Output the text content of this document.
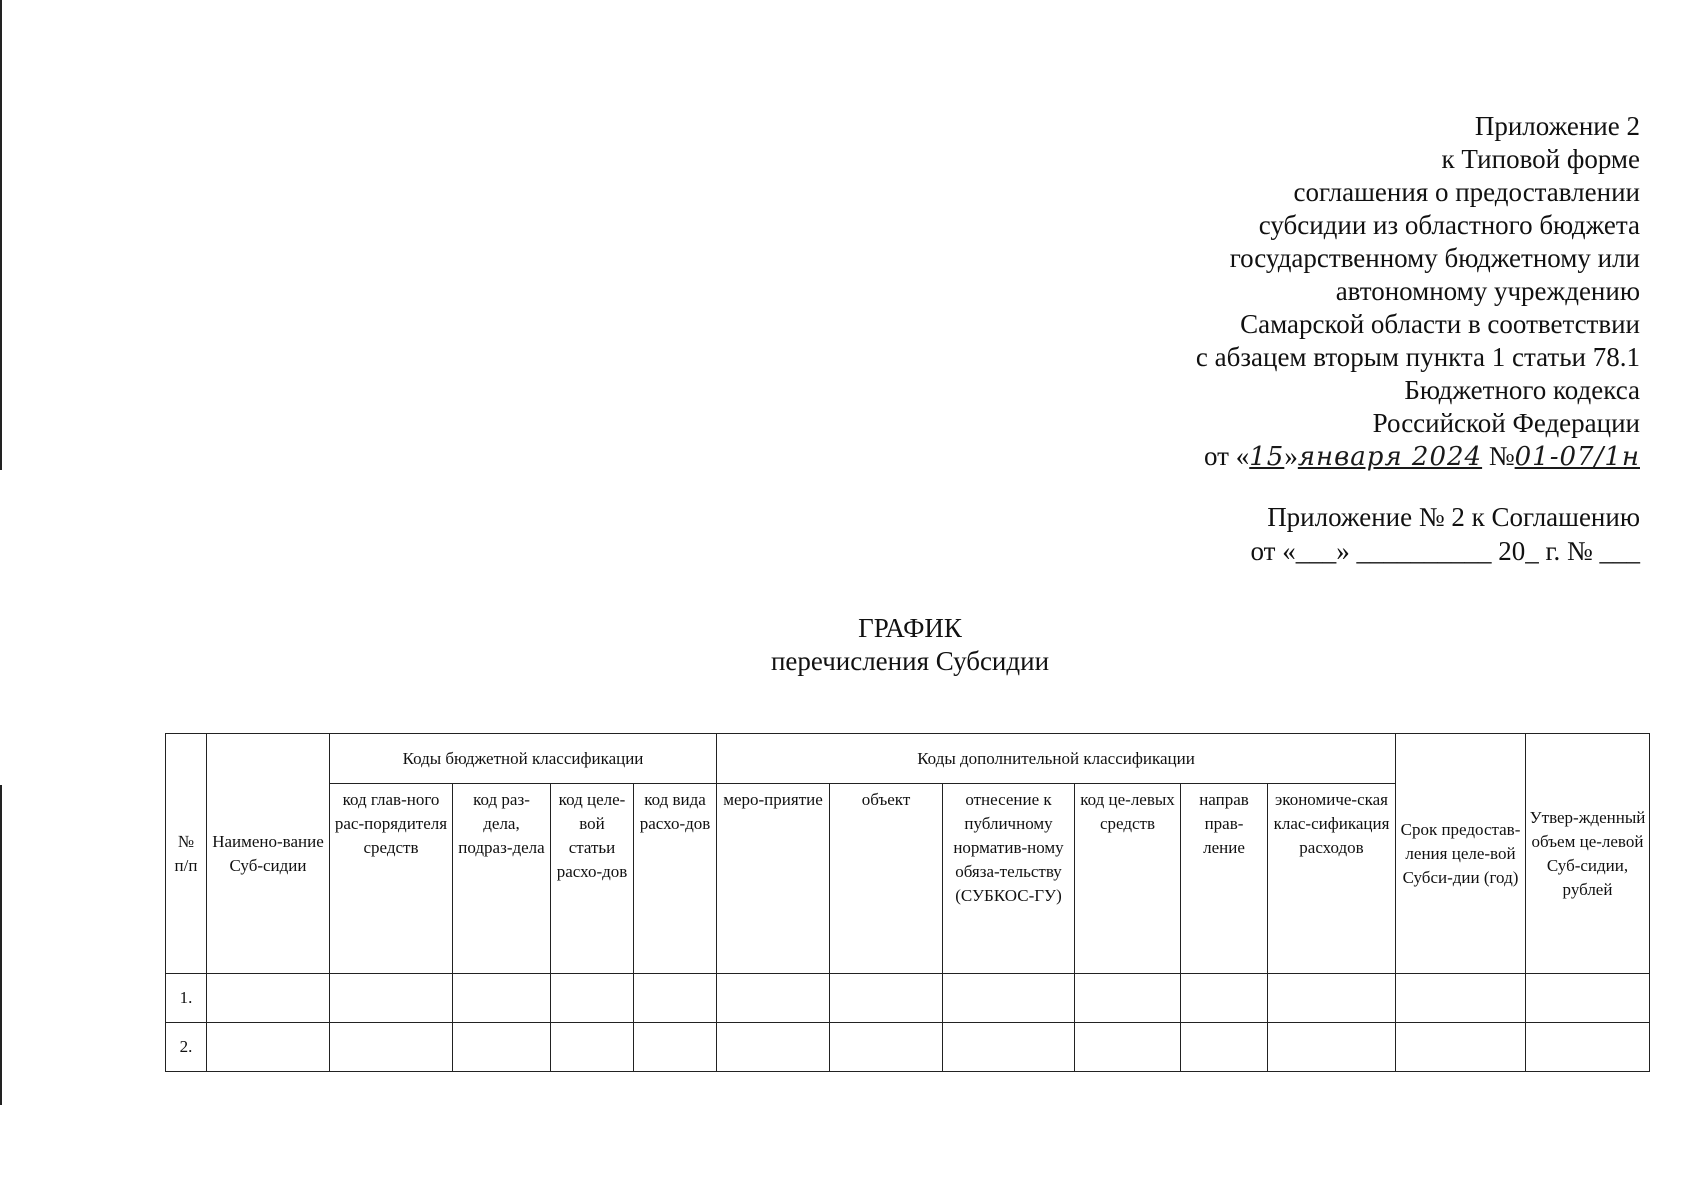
Приложение 2
к Типовой форме
соглашения о предоставлении
субсидии из областного бюджета
государственному бюджетному или
автономному учреждению
Самарской области в соответствии
с абзацем вторым пункта 1 статьи 78.1
Бюджетного кодекса
Российской Федерации
от «15»января 2024 №01-07/1н
Приложение № 2 к Соглашению
от «___» __________ 20_ г. № ___
ГРАФИК
перечисления Субсидии
№ п/п	Наимено-вание Суб-сидии	Коды бюджетной классификации				Коды дополнительной классификации						Срок предостав-ления целе-вой Субси-дии (год)	Утвер-жденный объем це-левой Суб-сидии, рублей
		код глав-ного рас-порядителя средств	код раз-дела, подраз-дела	код целе-вой статьи расхо-дов	код вида расхо-дов	меро-приятие	объект	отнесение к публичному норматив-ному обяза-тельству (СУБКОС-ГУ)	код це-левых средств	направ прав-ление	экономиче-ская клас-сификация расходов		
1.													
2.													
